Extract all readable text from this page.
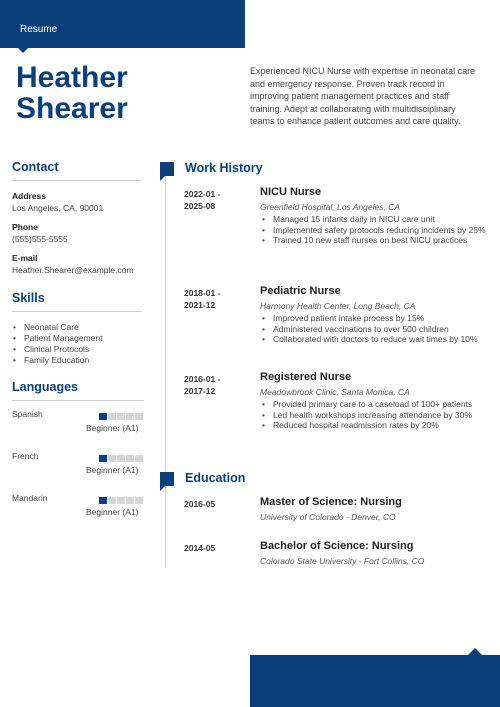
Resume
Heather
Shearer
Experienced NICU Nurse with expertise in neonatal care and emergency response. Proven track record in improving patient management practices and staff training. Adept at collaborating with multidisciplinary teams to enhance patient outcomes and care quality.
Contact
Address
Los Angeles, CA, 90001
Phone
(555)555-5555
E-mail
Heather.Shearer@example.com
Skills
• Neonatal Care
• Patient Management
• Clinical Protocols
• Family Education
Languages
Spanish
Beginner (A1)
French
Beginner (A1)
Mandarin
Beginner (A1)
Work History
2022-01 -
2025-08
NICU Nurse
Greenfield Hospital, Los Angeles, CA
• Managed 15 infants daily in NICU care unit
• Implemented safety protocols reducing incidents by 25%
• Trained 10 new staff nurses on best NICU practices
2018-01 -
2021-12
Pediatric Nurse
Harmony Health Center, Long Beach, CA
• Improved patient intake process by 15%
• Administered vaccinations to over 500 children
• Collaborated with doctors to reduce wait times by 10%
2016-01 -
2017-12
Registered Nurse
Meadowbrook Clinic, Santa Monica, CA
• Provided primary care to a caseload of 100+ patients
• Led health workshops increasing attendance by 30%
• Reduced hospital readmission rates by 20%
Education
2016-05	Master of Science: Nursing
University of Colorado - Denver, CO
2014-05	Bachelor of Science: Nursing
Colorado State University - Fort Collins, CO
